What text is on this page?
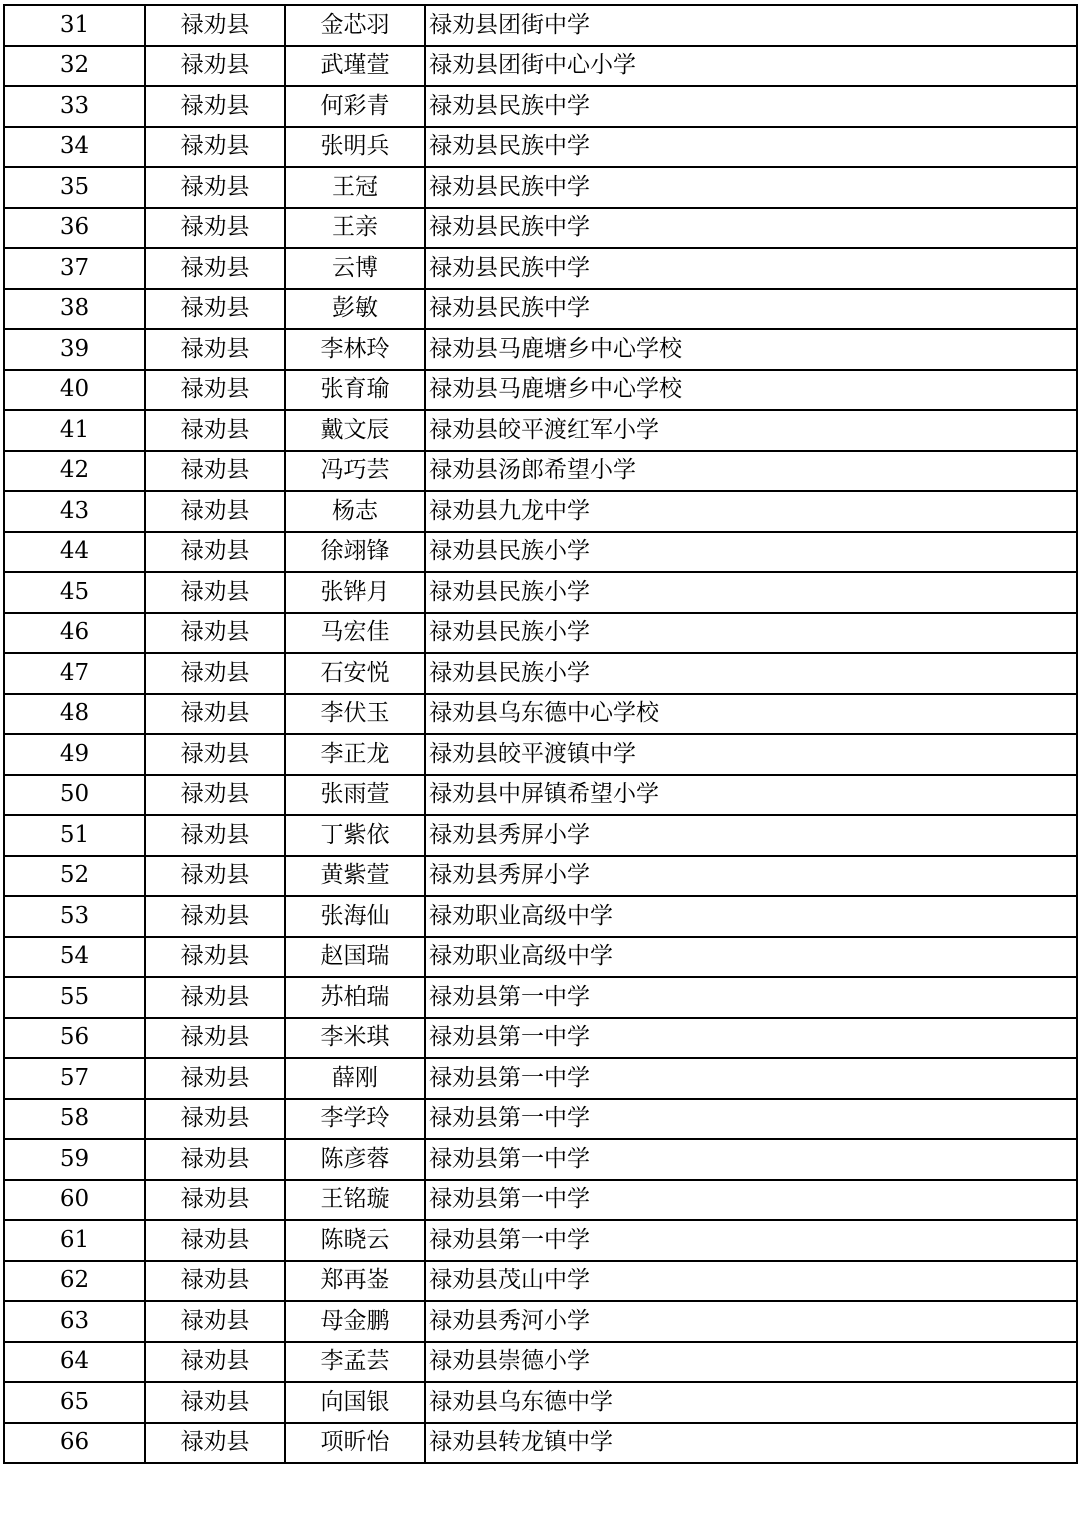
31	禄劝县	金芯羽	禄劝县团街中学
32	禄劝县	武瑾萱	禄劝县团街中心小学
33	禄劝县	何彩青	禄劝县民族中学
34	禄劝县	张明兵	禄劝县民族中学
35	禄劝县	王冠	禄劝县民族中学
36	禄劝县	王亲	禄劝县民族中学
37	禄劝县	云博	禄劝县民族中学
38	禄劝县	彭敏	禄劝县民族中学
39	禄劝县	李林玲	禄劝县马鹿塘乡中心学校
40	禄劝县	张育瑜	禄劝县马鹿塘乡中心学校
41	禄劝县	戴文辰	禄劝县皎平渡红军小学
42	禄劝县	冯巧芸	禄劝县汤郎希望小学
43	禄劝县	杨志	禄劝县九龙中学
44	禄劝县	徐翊锋	禄劝县民族小学
45	禄劝县	张铧月	禄劝县民族小学
46	禄劝县	马宏佳	禄劝县民族小学
47	禄劝县	石安悦	禄劝县民族小学
48	禄劝县	李伏玉	禄劝县乌东德中心学校
49	禄劝县	李正龙	禄劝县皎平渡镇中学
50	禄劝县	张雨萱	禄劝县中屏镇希望小学
51	禄劝县	丁紫依	禄劝县秀屏小学
52	禄劝县	黄紫萱	禄劝县秀屏小学
53	禄劝县	张海仙	禄劝职业高级中学
54	禄劝县	赵国瑞	禄劝职业高级中学
55	禄劝县	苏柏瑞	禄劝县第一中学
56	禄劝县	李米琪	禄劝县第一中学
57	禄劝县	薛刚	禄劝县第一中学
58	禄劝县	李学玲	禄劝县第一中学
59	禄劝县	陈彦蓉	禄劝县第一中学
60	禄劝县	王铭璇	禄劝县第一中学
61	禄劝县	陈晓云	禄劝县第一中学
62	禄劝县	郑再崟	禄劝县茂山中学
63	禄劝县	母金鹏	禄劝县秀河小学
64	禄劝县	李孟芸	禄劝县崇德小学
65	禄劝县	向国银	禄劝县乌东德中学
66	禄劝县	项昕怡	禄劝县转龙镇中学
